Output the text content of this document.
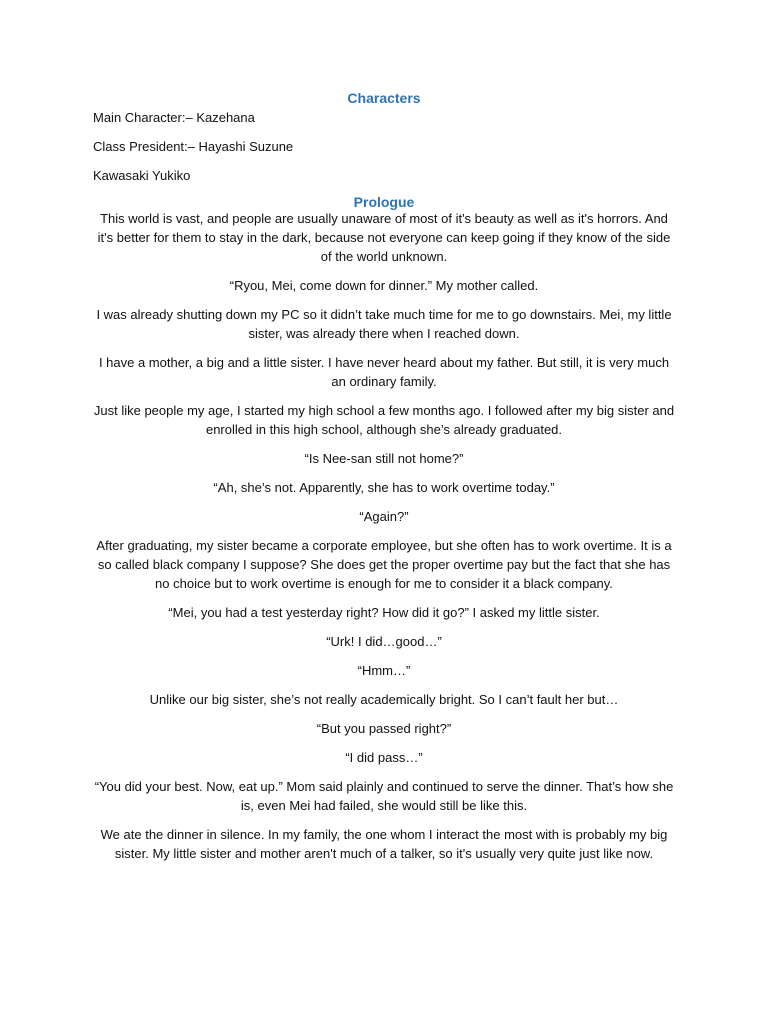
Characters

Main Character:– Kazehana

Class President:– Hayashi Suzune

Kawasaki Yukiko

Prologue

This world is vast, and people are usually unaware of most of it's beauty as well as it's horrors. And it's better for them to stay in the dark, because not everyone can keep going if they know of the side of the world unknown.

“Ryou, Mei, come down for dinner.” My mother called.

I was already shutting down my PC so it didn’t take much time for me to go downstairs. Mei, my little sister, was already there when I reached down.

I have a mother, a big and a little sister. I have never heard about my father. But still, it is very much an ordinary family.

Just like people my age, I started my high school a few months ago. I followed after my big sister and enrolled in this high school, although she’s already graduated.

“Is Nee-san still not home?”

“Ah, she’s not. Apparently, she has to work overtime today.”

“Again?”

After graduating, my sister became a corporate employee, but she often has to work overtime. It is a so called black company I suppose? She does get the proper overtime pay but the fact that she has no choice but to work overtime is enough for me to consider it a black company.

“Mei, you had a test yesterday right? How did it go?” I asked my little sister.

“Urk! I did…good…”

“Hmm…”

Unlike our big sister, she’s not really academically bright. So I can’t fault her but…

“But you passed right?”

“I did pass…”

“You did your best. Now, eat up.” Mom said plainly and continued to serve the dinner. That’s how she is, even Mei had failed, she would still be like this.

We ate the dinner in silence. In my family, the one whom I interact the most with is probably my big sister. My little sister and mother aren't much of a talker, so it's usually very quite just like now.
